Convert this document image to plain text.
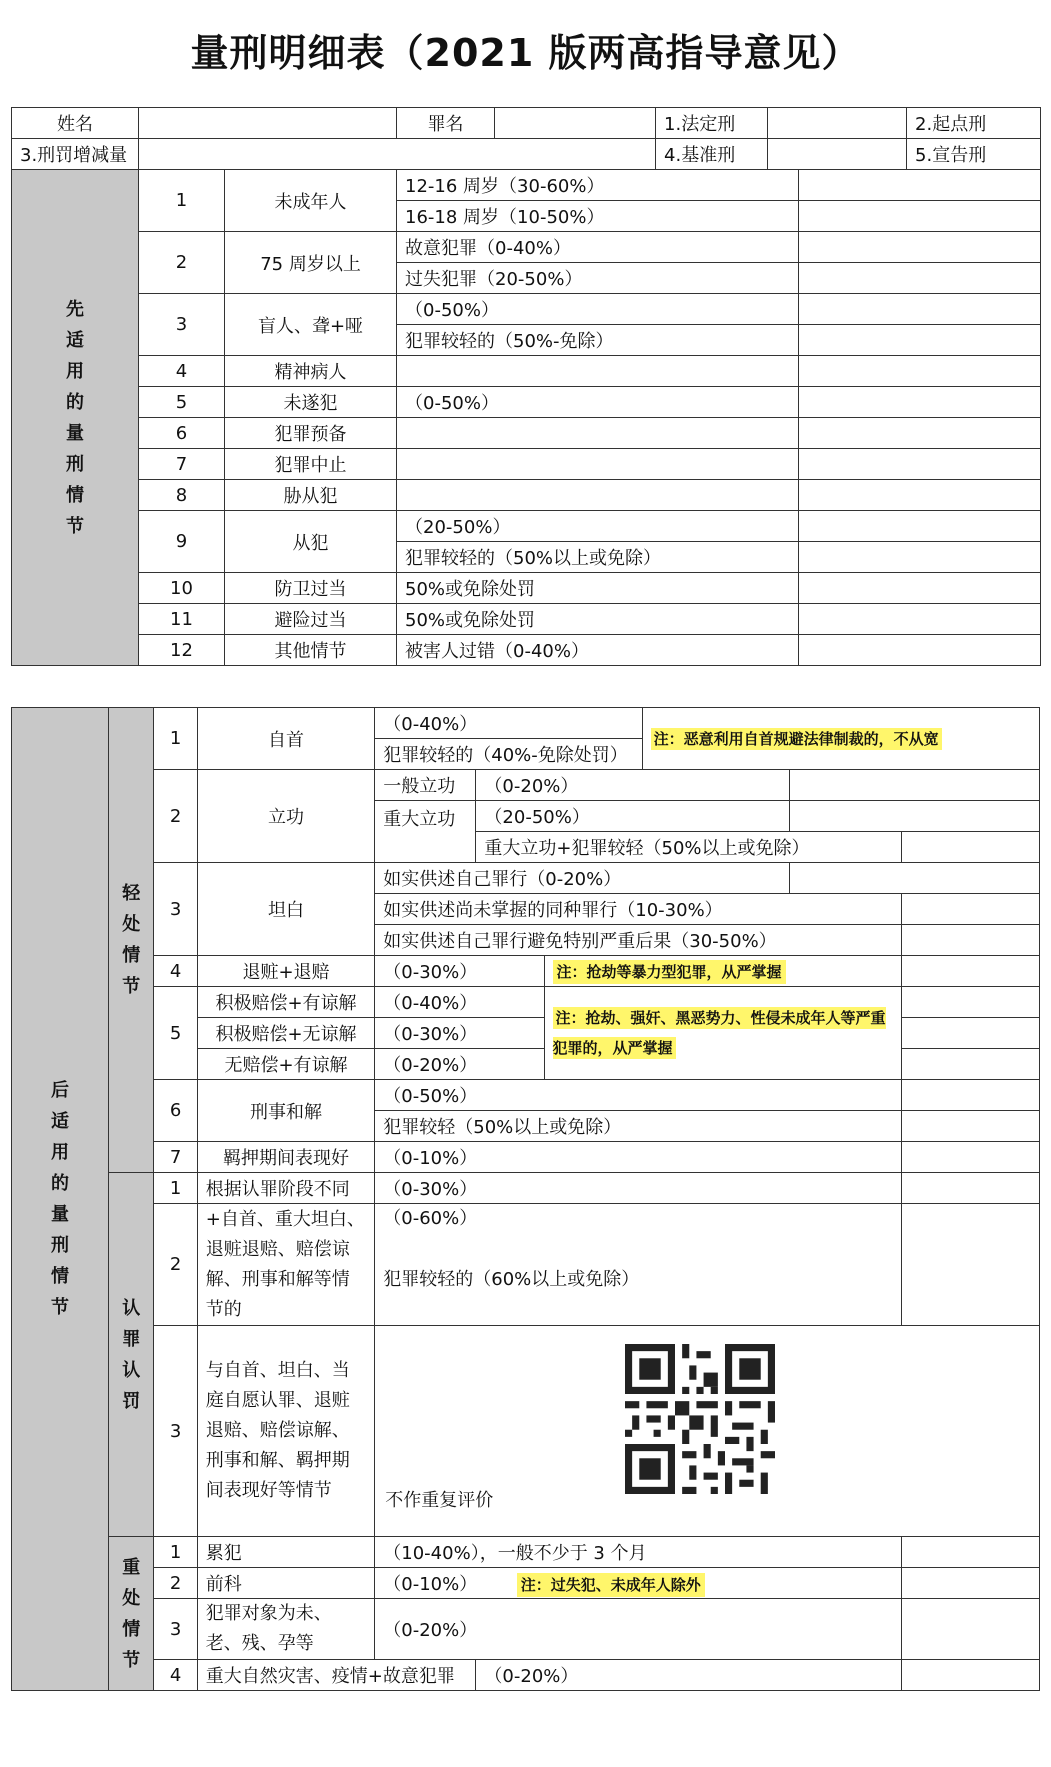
量刑明细表（2021 版两高指导意见）
姓名			罪名		1.法定刑			2.起点刑

3.刑罚增减量					4.基准刑			5.宣告刑
先适用的量刑情节	1	未成年人	12-16 周岁（30-60%）					
			16-18 周岁（10-50%）					
	2	75 周岁以上	故意犯罪（0-40%）					
			过失犯罪（20-50%）					
	3	盲人、聋+哑	（0-50%）					
			犯罪较轻的（50%-免除）					
	4	精神病人						
	5	未遂犯	（0-50%）					
	6	犯罪预备						
	7	犯罪中止						
	8	胁从犯						
	9	从犯	（20-50%）					
			犯罪较轻的（50%以上或免除）					
	10	防卫过当	50%或免除处罚					
	11	避险过当	50%或免除处罚					
	12	其他情节	被害人过错（0-40%）					
后适用的量刑情节	轻处情节	1	自首	（0-40%）			注：恶意利用自首规避法律制裁的，不从宽		
				犯罪较轻的（40%-免除处罚）					
		2	立功	一般立功	（0-20%）				
				重大立功	（20-50%）				
					重大立功+犯罪较轻（50%以上或免除）				
		3	坦白	如实供述自己罪行（0-20%）					
				如实供述尚未掌握的同种罪行（10-30%）					
				如实供述自己罪行避免特别严重后果（30-50%）					
		4	退赃+退赔	（0-30%）		注：抢劫等暴力型犯罪，从严掌握			
		5	积极赔偿+有谅解	（0-40%）		注：抢劫、强奸、黑恶势力、性侵未成年人等严重犯罪的，从严掌握			
			积极赔偿+无谅解	（0-30%）					
			无赔偿+有谅解	（0-20%）					
		6	刑事和解	（0-50%）					
				犯罪较轻（50%以上或免除）					
		7	羁押期间表现好	（0-10%）					
	认罪认罚	1	根据认罪阶段不同	（0-30%）					
		2	+自首、重大坦白、退赃退赔、赔偿谅解、刑事和解等情节的	（0-60%）
犯罪较轻的（60%以上或免除）					

		3	与自首、坦白、当庭自愿认罪、退赃退赔、赔偿谅解、刑事和解、羁押期间表现好等情节	不作重复评价					

	重处情节	1	累犯	（10-40%），一般不少于 3 个月					
		2	前科	（0-10%） 注：过失犯、未成年人除外					
		3	犯罪对象为未、老、残、孕等	（0-20%）					
		4	重大自然灾害、疫情+故意犯罪		（0-20%）				
